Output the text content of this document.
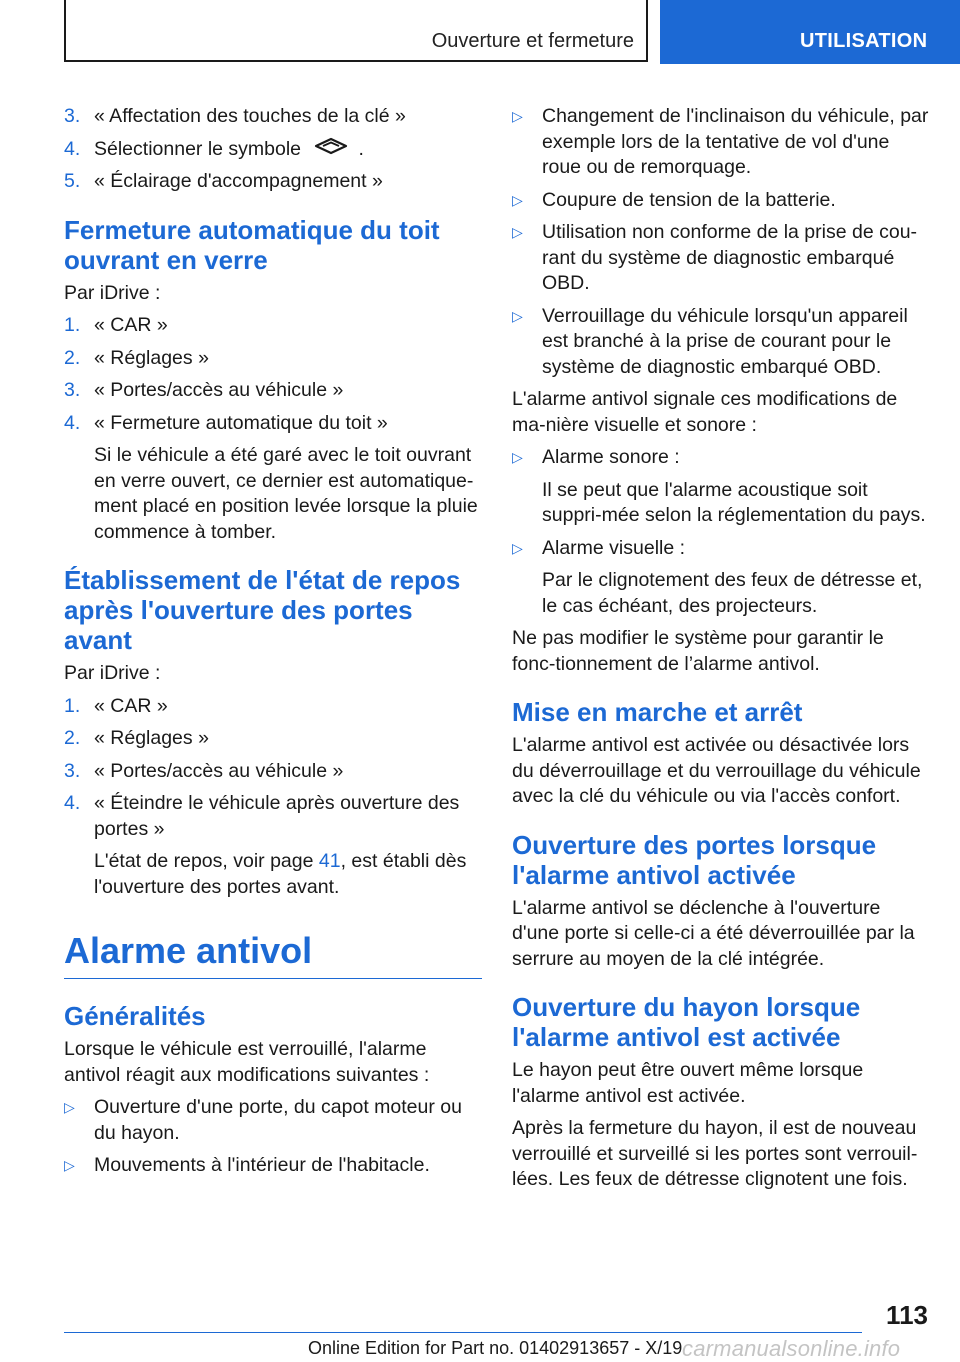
Ouverture et fermeture	UTILISATION
3. « Affectation des touches de la clé »
4. Sélectionner le symbole	.
5. « Éclairage d'accompagnement »
Fermeture automatique du toit ouvrant en verre
Par iDrive :
1. « CAR »
2. « Réglages »
3. « Portes/accès au véhicule »
4. « Fermeture automatique du toit »
Si le véhicule a été garé avec le toit ouvrant en verre ouvert, ce dernier est automatique-ment placé en position levée lorsque la pluie commence à tomber.
Établissement de l'état de repos après l'ouverture des portes avant
Par iDrive :
1. « CAR »
2. « Réglages »
3. « Portes/accès au véhicule »
4. « Éteindre le véhicule après ouverture des portes »
L'état de repos, voir page 41, est établi dès l'ouverture des portes avant.
Alarme antivol
Généralités
Lorsque le véhicule est verrouillé, l'alarme antivol réagit aux modifications suivantes :
▷ Ouverture d'une porte, du capot moteur ou du hayon.
▷ Mouvements à l'intérieur de l'habitacle.
▷ Changement de l'inclinaison du véhicule, par exemple lors de la tentative de vol d'une roue ou de remorquage.
▷ Coupure de tension de la batterie.
▷ Utilisation non conforme de la prise de cou-rant du système de diagnostic embarqué OBD.
▷ Verrouillage du véhicule lorsqu'un appareil est branché à la prise de courant pour le système de diagnostic embarqué OBD.
L'alarme antivol signale ces modifications de ma-nière visuelle et sonore :
▷ Alarme sonore :
Il se peut que l'alarme acoustique soit suppri-mée selon la réglementation du pays.
▷ Alarme visuelle :
Par le clignotement des feux de détresse et, le cas échéant, des projecteurs.
Ne pas modifier le système pour garantir le fonc-tionnement de l’alarme antivol.
Mise en marche et arrêt
L'alarme antivol est activée ou désactivée lors du déverrouillage et du verrouillage du véhicule avec la clé du véhicule ou via l'accès confort.
Ouverture des portes lorsque l'alarme antivol activée
L'alarme antivol se déclenche à l'ouverture d'une porte si celle-ci a été déverrouillée par la serrure au moyen de la clé intégrée.
Ouverture du hayon lorsque l'alarme antivol est activée
Le hayon peut être ouvert même lorsque l'alarme antivol est activée.
Après la fermeture du hayon, il est de nouveau verrouillé et surveillé si les portes sont verrouil-lées. Les feux de détresse clignotent une fois.
113
Online Edition for Part no. 01402913657 - X/19 carmanualsonline.info
